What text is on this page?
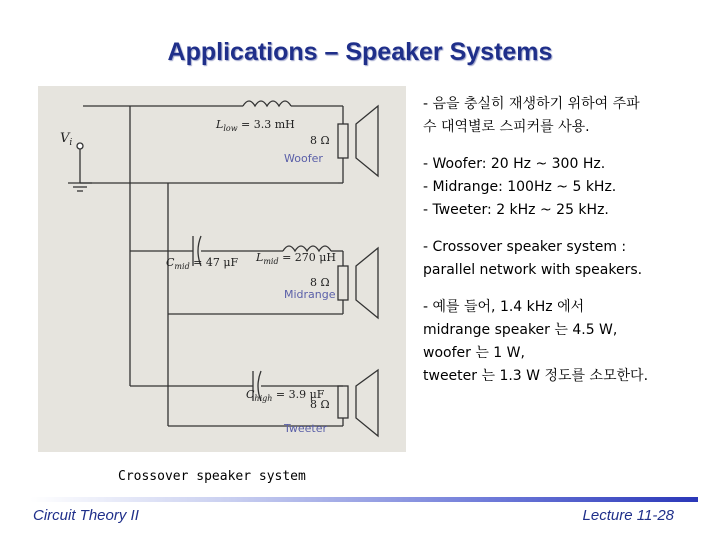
Applications – Speaker Systems
$V_i$
$L_{low} = 3.3$ mH
8 Ω
Woofer
$C_{mid} = 47$ μF $L_{mid} = 270$ μH
8 Ω
Midrange
$C_{high} = 3.9$ μF
8 Ω
Tweeter
Crossover speaker system
- 음을 충실히 재생하기 위하여 주파
수 대역별로 스피커를 사용.
- Woofer: 20 Hz ~ 300 Hz.
- Midrange: 100Hz ~ 5 kHz.
- Tweeter: 2 kHz ~ 25 kHz.
- Crossover speaker system :
parallel network with speakers.
- 예를 들어, 1.4 kHz 에서
midrange speaker 는 4.5 W,
woofer 는 1 W,
tweeter 는 1.3 W 정도를 소모한다.
Circuit Theory II	Lecture 11-28
